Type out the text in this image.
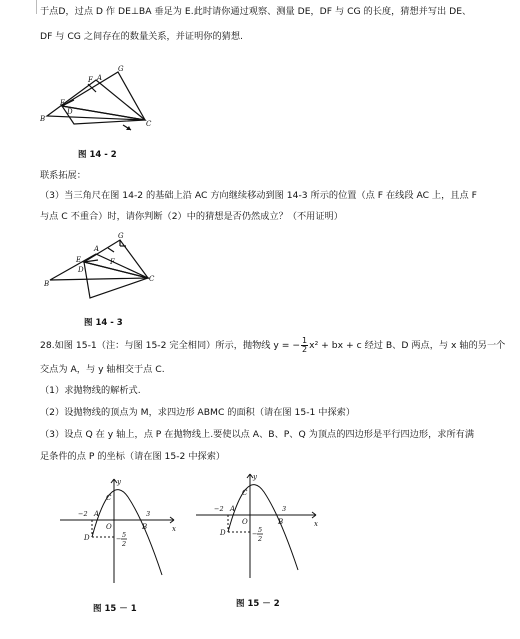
于点D，过点 D 作 DE⊥BA 垂足为 E.此时请你通过观察、测量 DE，DF 与 CG 的长度，猜想并写出 DE、
DF 与 CG 之间存在的数量关系，并证明你的猜想.
B
E
D
F A
G
C
图 14 - 2
联系拓展：
（3）当三角尺在图 14-2 的基础上沿 AC 方向继续移动到图 14-3 所示的位置（点 F 在线段 AC 上，且点 F
与点 C 不重合）时，请你判断（2）中的猜想是否仍然成立？（不用证明）
B
E
D
A
F
G
C
图 14 - 3
28.如图 15-1（注：与图 15-2 完全相同）所示，抛物线 y = − $\frac{1}{2} x^2$ + bx + c 经过 B、D 两点，与 x 轴的另一个
交点为 A，与 y 轴相交于点 C.
（1）求抛物线的解析式.
（2）设抛物线的顶点为 M，求四边形 ABMC 的面积（请在图 15-1 中探索）
（3）设点 Q 在 y 轴上，点 P 在抛物线上.要使以点 A、B、P、Q 为顶点的四边形是平行四边形，求所有满
足条件的点 P 的坐标（请在图 15-2 中探索）
y
x
C
−2 A
O
3
B
D	− 5
2
图 15 － 1
y
x
C
−2 A
O
3
B
D	− 5
2
图 15 － 2
